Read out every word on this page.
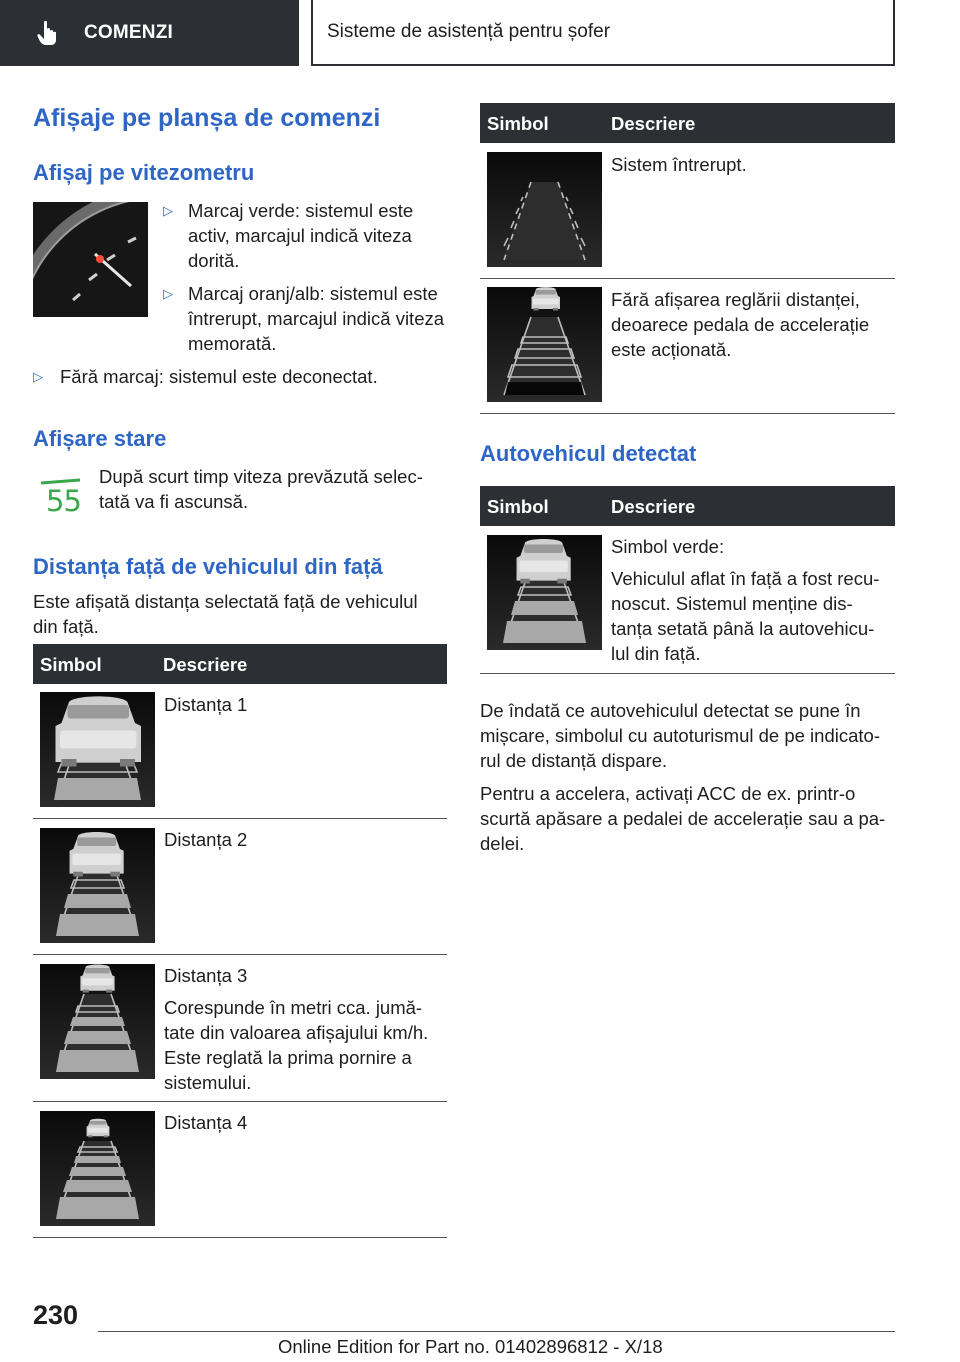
COMENZI	Sisteme de asistență pentru șofer
Afișaje pe planșa de comenzi
Afișaj pe vitezometru
▷ Marcaj verde: sistemul este activ, marcajul indică viteza dorită.
▷ Marcaj oranj/alb: sistemul este întrerupt, marcajul indică viteza memorată.
▷ Fără marcaj: sistemul este deconectat.
Afișare stare
55
După scurt timp viteza prevăzută selec-tată va fi ascunsă.
Distanța față de vehiculul din față
Este afișată distanța selectată față de vehiculul din față.
Simbol	Descriere
Distanța 1
Distanța 2
Distanța 3
Corespunde în metri cca. jumă-tate din valoarea afișajului km/h. Este reglată la prima pornire a sistemului.
Distanța 4
Simbol	Descriere
Sistem întrerupt.
Fără afișarea reglării distanței, deoarece pedala de accelerație este acționată.
Autovehicul detectat
Simbol	Descriere
Simbol verde:
Vehiculul aflat în față a fost recu-noscut. Sistemul menține dis-tanța setată până la autovehicu-lul din față.
De îndată ce autovehiculul detectat se pune în mișcare, simbolul cu autoturismul de pe indicato-rul de distanță dispare.
Pentru a accelera, activați ACC de ex. printr-o scurtă apăsare a pedalei de accelerație sau a pa-delei.
230
Online Edition for Part no. 01402896812 - X/18
